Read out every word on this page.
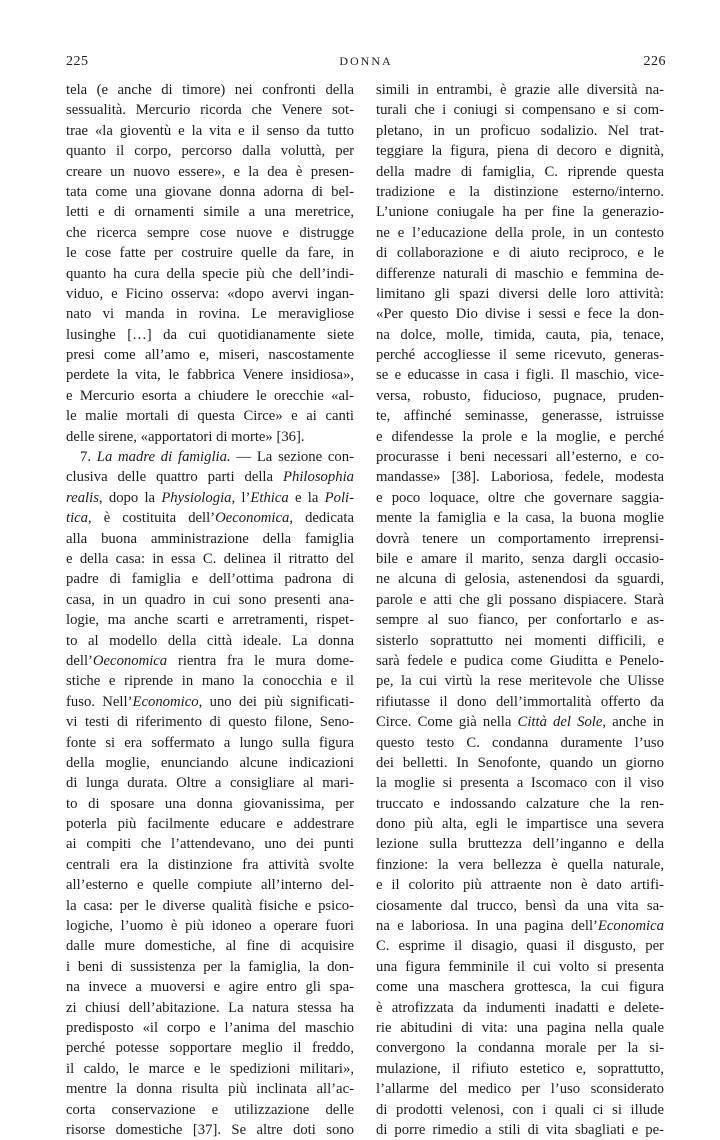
225	DONNA	226
tela (e anche di timore) nei confronti della
sessualità. Mercurio ricorda che Venere sot-
trae «la gioventù e la vita e il senso da tutto
quanto il corpo, percorso dalla voluttà, per
creare un nuovo essere», e la dea è presen-
tata come una giovane donna adorna di bel-
letti e di ornamenti simile a una meretrice,
che ricerca sempre cose nuove e distrugge
le cose fatte per costruire quelle da fare, in
quanto ha cura della specie più che dell’indi-
viduo, e Ficino osserva: «dopo avervi ingan-
nato vi manda in rovina. Le meravigliose
lusinghe […] da cui quotidianamente siete
presi come all’amo e, miseri, nascostamente
perdete la vita, le fabbrica Venere insidiosa»,
e Mercurio esorta a chiudere le orecchie «al-
le malie mortali di questa Circe» e ai canti
delle sirene, «apportatori di morte» [36].
7. La madre di famiglia. — La sezione con-
clusiva delle quattro parti della Philosophia
realis, dopo la Physiologia, l’Ethica e la Poli-
tica, è costituita dell’Oeconomica, dedicata
alla buona amministrazione della famiglia
e della casa: in essa C. delinea il ritratto del
padre di famiglia e dell’ottima padrona di
casa, in un quadro in cui sono presenti ana-
logie, ma anche scarti e arretramenti, rispet-
to al modello della città ideale. La donna
dell’Oeconomica rientra fra le mura dome-
stiche e riprende in mano la conocchia e il
fuso. Nell’Economico, uno dei più significati-
vi testi di riferimento di questo filone, Seno-
fonte si era soffermato a lungo sulla figura
della moglie, enunciando alcune indicazioni
di lunga durata. Oltre a consigliare al mari-
to di sposare una donna giovanissima, per
poterla più facilmente educare e addestrare
ai compiti che l’attendevano, uno dei punti
centrali era la distinzione fra attività svolte
all’esterno e quelle compiute all’interno del-
la casa: per le diverse qualità fisiche e psico-
logiche, l’uomo è più idoneo a operare fuori
dalle mure domestiche, al fine di acquisire
i beni di sussistenza per la famiglia, la don-
na invece a muoversi e agire entro gli spa-
zi chiusi dell’abitazione. La natura stessa ha
predisposto «il corpo e l’anima del maschio
perché potesse sopportare meglio il freddo,
il caldo, le marce e le spedizioni militari»,
mentre la donna risulta più inclinata all’ac-
corta conservazione e utilizzazione delle
risorse domestiche [37]. Se altre doti sono
simili in entrambi, è grazie alle diversità na-
turali che i coniugi si compensano e si com-
pletano, in un proficuo sodalizio. Nel trat-
teggiare la figura, piena di decoro e dignità,
della madre di famiglia, C. riprende questa
tradizione e la distinzione esterno/interno.
L’unione coniugale ha per fine la generazio-
ne e l’educazione della prole, in un contesto
di collaborazione e di aiuto reciproco, e le
differenze naturali di maschio e femmina de-
limitano gli spazi diversi delle loro attività:
«Per questo Dio divise i sessi e fece la don-
na dolce, molle, timida, cauta, pia, tenace,
perché accogliesse il seme ricevuto, generas-
se e educasse in casa i figli. Il maschio, vice-
versa, robusto, fiducioso, pugnace, pruden-
te, affinché seminasse, generasse, istruisse
e difendesse la prole e la moglie, e perché
procurasse i beni necessari all’esterno, e co-
mandasse» [38]. Laboriosa, fedele, modesta
e poco loquace, oltre che governare saggia-
mente la famiglia e la casa, la buona moglie
dovrà tenere un comportamento irreprensi-
bile e amare il marito, senza dargli occasio-
ne alcuna di gelosia, astenendosi da sguardi,
parole e atti che gli possano dispiacere. Starà
sempre al suo fianco, per confortarlo e as-
sisterlo soprattutto nei momenti difficili, e
sarà fedele e pudica come Giuditta e Penelo-
pe, la cui virtù la rese meritevole che Ulisse
rifiutasse il dono dell’immortalità offerto da
Circe. Come già nella Città del Sole, anche in
questo testo C. condanna duramente l’uso
dei belletti. In Senofonte, quando un giorno
la moglie si presenta a Iscomaco con il viso
truccato e indossando calzature che la ren-
dono più alta, egli le impartisce una severa
lezione sulla bruttezza dell’inganno e della
finzione: la vera bellezza è quella naturale,
e il colorito più attraente non è dato artifi-
ciosamente dal trucco, bensì da una vita sa-
na e laboriosa. In una pagina dell’Economica
C. esprime il disagio, quasi il disgusto, per
una figura femminile il cui volto si presenta
come una maschera grottesca, la cui figura
è atrofizzata da indumenti inadatti e delete-
rie abitudini di vita: una pagina nella quale
convergono la condanna morale per la si-
mulazione, il rifiuto estetico e, soprattutto,
l’allarme del medico per l’uso sconsiderato
di prodotti velenosi, con i quali ci si illude
di porre rimedio a stili di vita sbagliati e pe-
